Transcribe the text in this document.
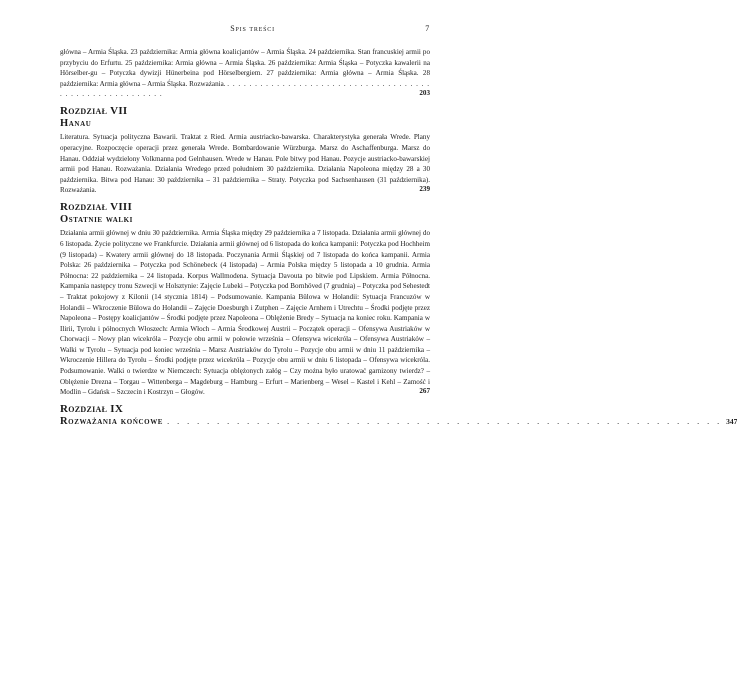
Spis treści	7

główna – Armia Śląska. 23 października: Armia główna koalicjantów – Armia Śląska. 24 października. Stan francuskiej armii po przybyciu do Erfurtu. 25 października: Armia główna – Armia Śląska. 26 października: Armia Śląska – Potyczka kawalerii na Hörselber-gu – Potyczka dywizji Hünerbeina pod Hörselbergiem. 27 października: Armia główna – Armia Śląska. 28 października: Armia główna – Armia Śląska. Rozważania. . . . . . . . . . . . . . . . . . . . . . . . . . . . . . . . . . . . . . . . . . . . . . . . . . . . . . . . .	203
Rozdział VII
Hanau

Literatura. Sytuacja polityczna Bawarii. Traktat z Ried. Armia austriacko-bawarska. Charakterystyka generała Wrede. Plany operacyjne. Rozpoczęcie operacji przez generała Wrede. Bombardowanie Würzburga. Marsz do Aschaffenburga. Marsz do Hanau. Oddział wydzielony Volkmanna pod Gelnhausen. Wrede w Hanau. Pole bitwy pod Hanau. Pozycje austriacko-bawarskiej armii pod Hanau. Rozważania. Działania Wredego przed południem 30 października. Działania Napoleona między 28 a 30 października. Bitwa pod Hanau: 30 października – 31 października – Straty. Potyczka pod Sachsenhausen (31 października). Rozważania.	239
Rozdział VIII
Ostatnie walki

Działania armii głównej w dniu 30 października. Armia Śląska między 29 października a 7 listopada. Działania armii głównej do 6 listopada. Życie polityczne we Frankfurcie. Działania armii głównej od 6 listopada do końca kampanii: Potyczka pod Hochheim (9 listopada) – Kwatery armii głównej do 18 listopada. Poczynania Armii Śląskiej od 7 listopada do końca kampanii. Armia Polska: 26 października – Potyczka pod Schönebeck (4 listopada) – Armia Polska między 5 listopada a 10 grudnia. Armia Północna: 22 października – 24 listopada. Korpus Wallmodena. Sytuacja Davouta po bitwie pod Lipskiem. Armia Północna. Kampania następcy tronu Szwecji w Holsztynie: Zajęcie Lubeki – Potyczka pod Bornhöved (7 grudnia) – Potyczka pod Sehestedt – Traktat pokojowy z Kilonii (14 stycznia 1814) – Podsumowanie. Kampania Bülowa w Holandii: Sytuacja Francuzów w Holandii – Wkroczenie Bülowa do Holandii – Zajęcie Doesburgh i Zutphen – Zajęcie Arnhem i Utrechtu – Środki podjęte przez Napoleona – Postępy koalicjantów – Środki podjęte przez Napoleona – Oblężenie Bredy – Sytuacja na koniec roku. Kampania w Ilirii, Tyrolu i północnych Włoszech: Armia Włoch – Armia Środkowej Austrii – Początek operacji – Ofensywa Austriaków w Chorwacji – Nowy plan wicekróla – Pozycje obu armii w połowie września – Ofensywa wicekróla – Ofensywa Austriaków – Walki w Tyrolu – Sytuacja pod koniec września – Marsz Austriaków do Tyrolu – Pozycje obu armii w dniu 11 października – Wkroczenie Hillera do Tyrolu – Środki podjęte przez wicekróla – Pozycje obu armii w dniu 6 listopada – Ofensywa wicekróla. Podsumowanie. Walki o twierdze w Niemczech: Sytuacja oblężonych załóg – Czy można było uratować garnizony twierdz? – Oblężenie Drezna – Torgau – Wittenberga – Magdeburg – Hamburg – Erfurt – Marienberg – Wesel – Kastel i Kehl – Zamość i Modlin – Gdańsk – Szczecin i Kostrzyn – Głogów.	267
Rozdział IX
Rozważania końcowe . . . . . . . . . . . . . . . . . . . . . . . . . . . . . . . . . . . . . . . . . . . . . . . . . . . . . . . . 347
